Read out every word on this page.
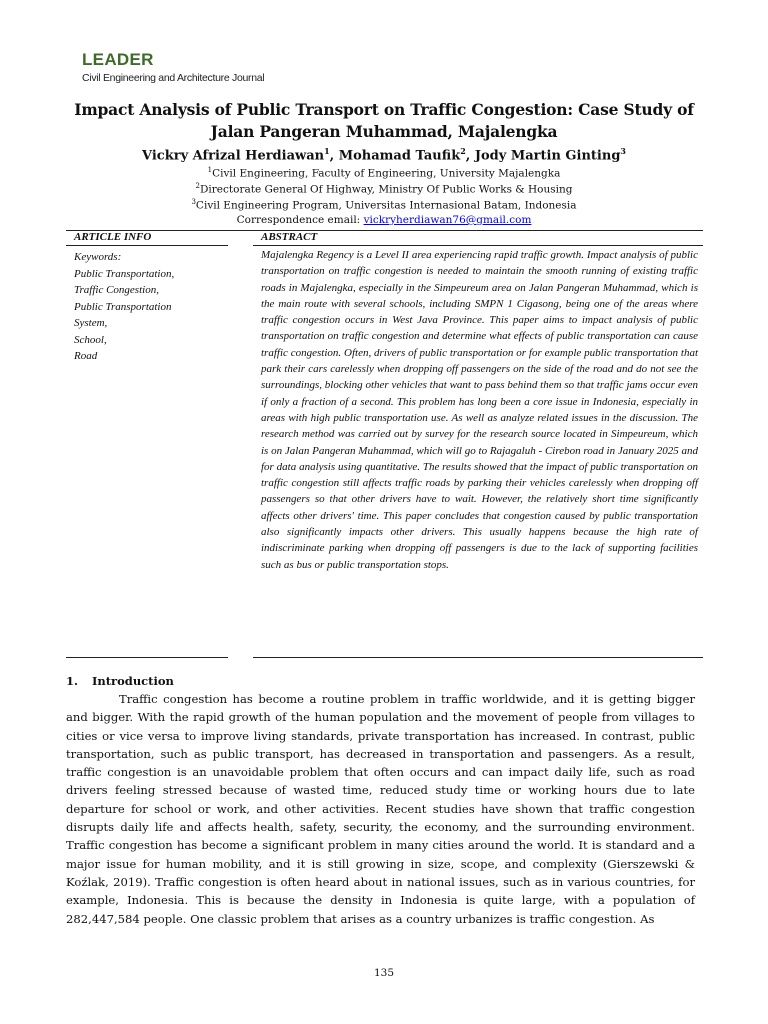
LEADER
Civil Engineering and Architecture Journal
Impact Analysis of Public Transport on Traffic Congestion: Case Study of Jalan Pangeran Muhammad, Majalengka
Vickry Afrizal Herdiawan$^1$, Mohamad Taufik$^2$, Jody Martin Ginting$^3$
$^1$Civil Engineering, Faculty of Engineering, University Majalengka
$^2$Directorate General Of Highway, Ministry Of Public Works & Housing
$^3$Civil Engineering Program, Universitas Internasional Batam, Indonesia
Correspondence email: vickryherdiawan76@gmail.com
ARTICLE INFO	ABSTRACT
Keywords:
Public Transportation,
Traffic Congestion,
Public Transportation
System,
School,
Road
Majalengka Regency is a Level II area experiencing rapid traffic growth. Impact analysis of public transportation on traffic congestion is needed to maintain the smooth running of existing traffic roads in Majalengka, especially in the Simpeureum area on Jalan Pangeran Muhammad, which is the main route with several schools, including SMPN 1 Cigasong, being one of the areas where traffic congestion occurs in West Java Province. This paper aims to impact analysis of public transportation on traffic congestion and determine what effects of public transportation can cause traffic congestion. Often, drivers of public transportation or for example public transportation that park their cars carelessly when dropping off passengers on the side of the road and do not see the surroundings, blocking other vehicles that want to pass behind them so that traffic jams occur even if only a fraction of a second. This problem has long been a core issue in Indonesia, especially in areas with high public transportation use. As well as analyze related issues in the discussion. The research method was carried out by survey for the research source located in Simpeureum, which is on Jalan Pangeran Muhammad, which will go to Rajagaluh - Cirebon road in January 2025 and for data analysis using quantitative. The results showed that the impact of public transportation on traffic congestion still affects traffic roads by parking their vehicles carelessly when dropping off passengers so that other drivers have to wait. However, the relatively short time significantly affects other drivers' time. This paper concludes that congestion caused by public transportation also significantly impacts other drivers. This usually happens because the high rate of indiscriminate parking when dropping off passengers is due to the lack of supporting facilities such as bus or public transportation stops.
1. Introduction
Traffic congestion has become a routine problem in traffic worldwide, and it is getting bigger and bigger. With the rapid growth of the human population and the movement of people from villages to cities or vice versa to improve living standards, private transportation has increased. In contrast, public transportation, such as public transport, has decreased in transportation and passengers. As a result, traffic congestion is an unavoidable problem that often occurs and can impact daily life, such as road drivers feeling stressed because of wasted time, reduced study time or working hours due to late departure for school or work, and other activities. Recent studies have shown that traffic congestion disrupts daily life and affects health, safety, security, the economy, and the surrounding environment. Traffic congestion has become a significant problem in many cities around the world. It is standard and a major issue for human mobility, and it is still growing in size, scope, and complexity (Gierszewski & Koźlak, 2019). Traffic congestion is often heard about in national issues, such as in various countries, for example, Indonesia. This is because the density in Indonesia is quite large, with a population of 282,447,584 people. One classic problem that arises as a country urbanizes is traffic congestion. As
135
